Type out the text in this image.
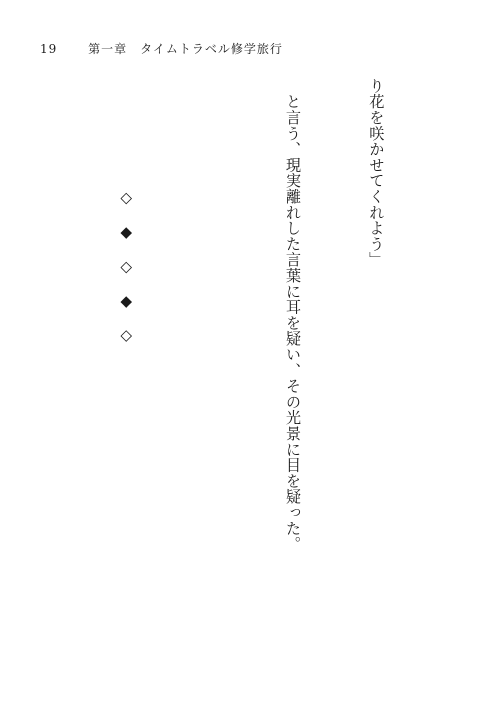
19	第一章　タイムトラベル修学旅行

り花を咲かせてくれよう」

　と言う、現実離れした言葉に耳を疑い、その光景に目を疑った。

　　　　　　　◇　◆　◇　◆　◇
